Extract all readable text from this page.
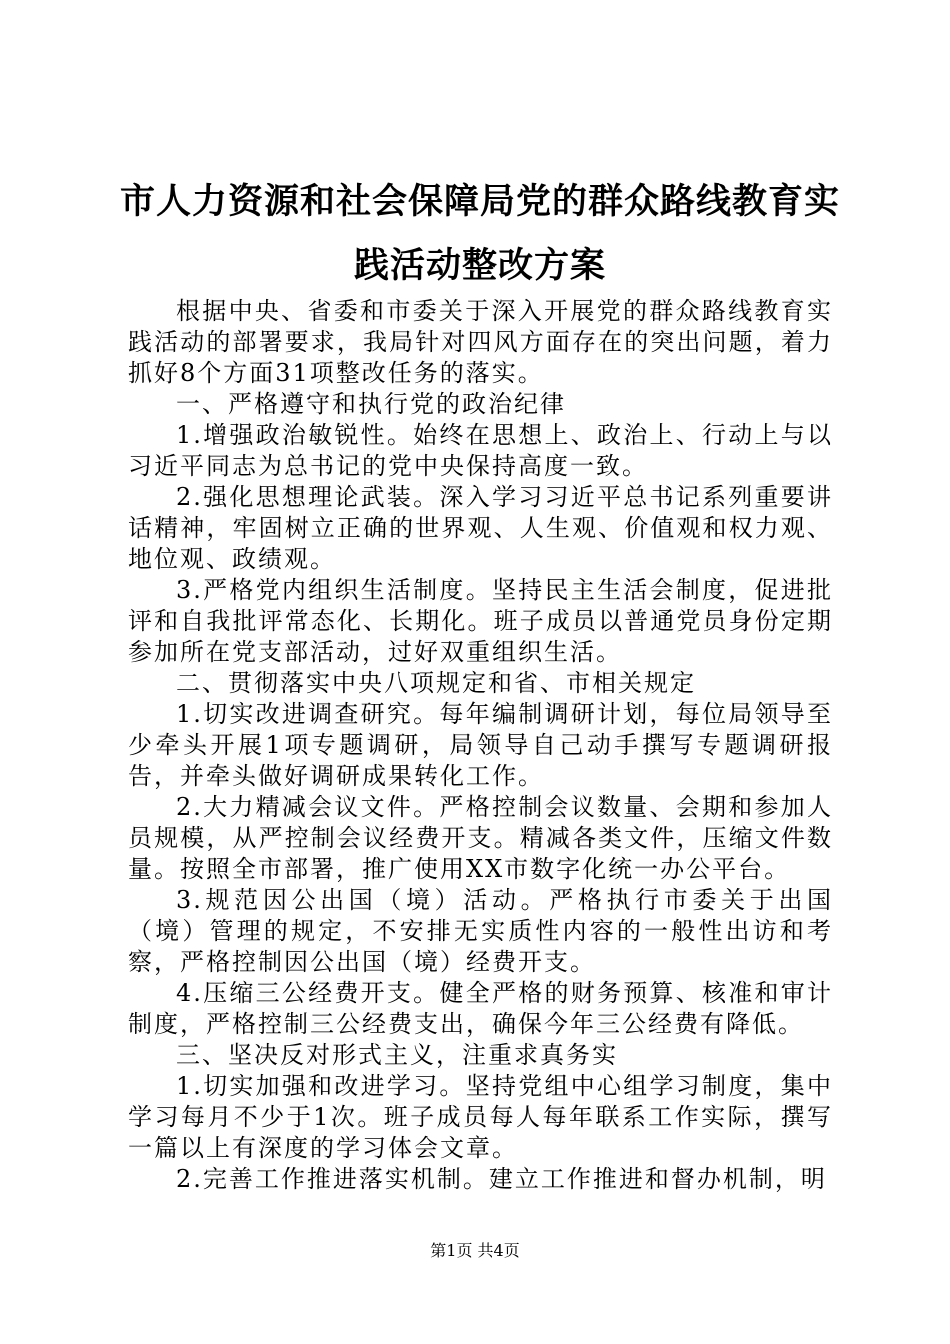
市人力资源和社会保障局党的群众路线教育实
践活动整改方案

根据中央、省委和市委关于深入开展党的群众路线教育实践活动的部署要求，我局针对四风方面存在的突出问题，着力抓好8个方面31项整改任务的落实。

一、严格遵守和执行党的政治纪律

1.增强政治敏锐性。始终在思想上、政治上、行动上与以习近平同志为总书记的党中央保持高度一致。

2.强化思想理论武装。深入学习习近平总书记系列重要讲话精神，牢固树立正确的世界观、人生观、价值观和权力观、地位观、政绩观。

3.严格党内组织生活制度。坚持民主生活会制度，促进批评和自我批评常态化、长期化。班子成员以普通党员身份定期参加所在党支部活动，过好双重组织生活。

二、贯彻落实中央八项规定和省、市相关规定

1.切实改进调查研究。每年编制调研计划，每位局领导至少牵头开展1项专题调研，局领导自己动手撰写专题调研报告，并牵头做好调研成果转化工作。

2.大力精减会议文件。严格控制会议数量、会期和参加人员规模，从严控制会议经费开支。精减各类文件，压缩文件数量。按照全市部署，推广使用XX市数字化统一办公平台。

3.规范因公出国（境）活动。严格执行市委关于出国（境）管理的规定，不安排无实质性内容的一般性出访和考察，严格控制因公出国（境）经费开支。

4.压缩三公经费开支。健全严格的财务预算、核准和审计制度，严格控制三公经费支出，确保今年三公经费有降低。

三、坚决反对形式主义，注重求真务实

1.切实加强和改进学习。坚持党组中心组学习制度，集中学习每月不少于1次。班子成员每人每年联系工作实际，撰写一篇以上有深度的学习体会文章。

2.完善工作推进落实机制。建立工作推进和督办机制，明

第1页 共4页
